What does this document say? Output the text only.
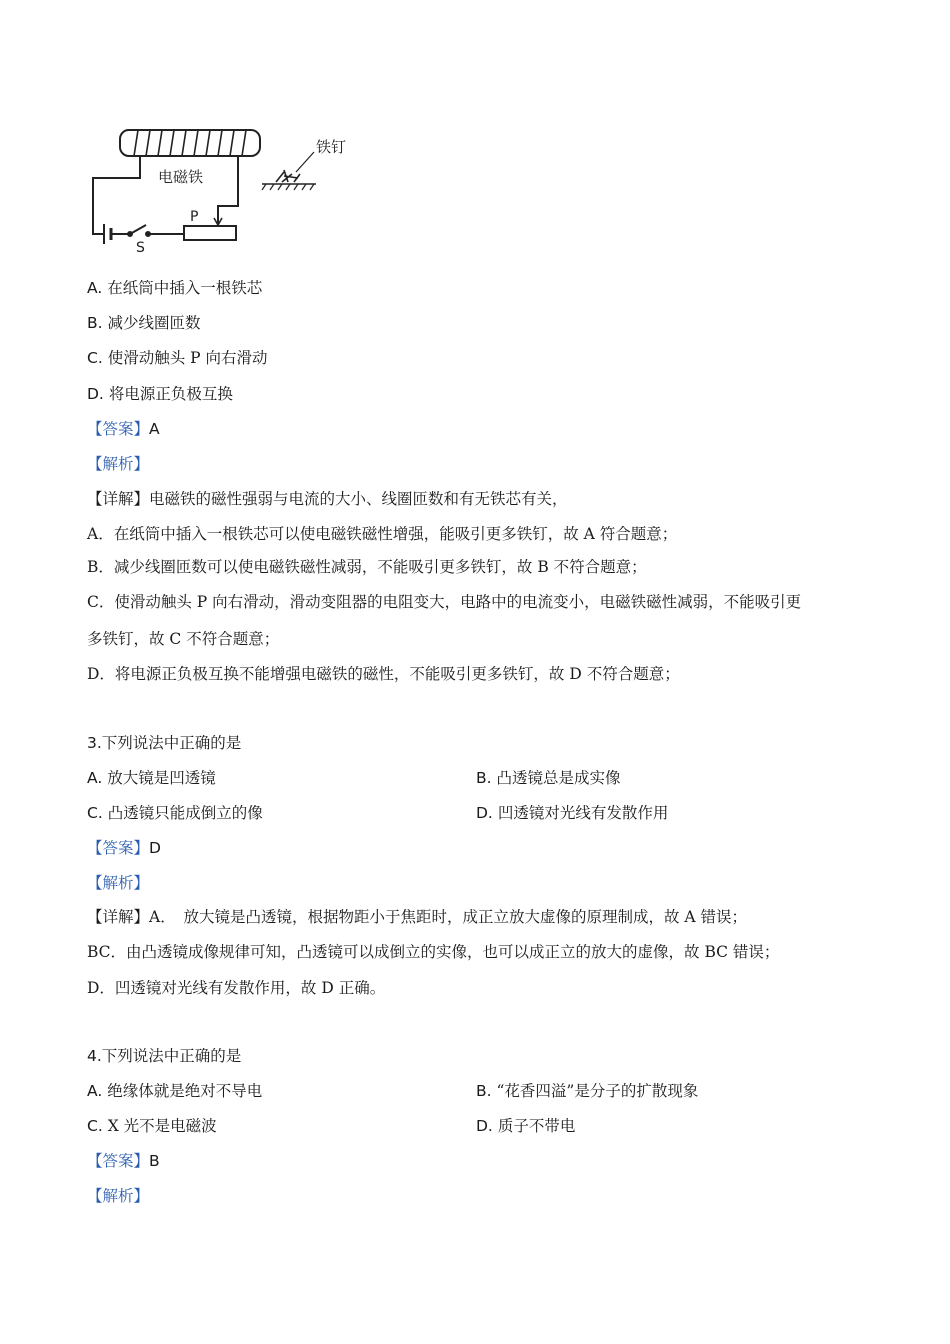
电磁铁
铁钉
P
S
A. 在纸筒中插入一根铁芯
B. 减少线圈匝数
C. 使滑动触头 P 向右滑动
D. 将电源正负极互换
【答案】A
【解析】
【详解】电磁铁的磁性强弱与电流的大小、线圈匝数和有无铁芯有关，
A．在纸筒中插入一根铁芯可以使电磁铁磁性增强，能吸引更多铁钉，故 A 符合题意；
B．减少线圈匝数可以使电磁铁磁性减弱，不能吸引更多铁钉，故 B 不符合题意；
C．使滑动触头 P 向右滑动，滑动变阻器的电阻变大，电路中的电流变小，电磁铁磁性减弱，不能吸引更
多铁钉，故 C 不符合题意；
D．将电源正负极互换不能增强电磁铁的磁性，不能吸引更多铁钉，故 D 不符合题意；
3.下列说法中正确的是
A. 放大镜是凹透镜	B. 凸透镜总是成实像
C. 凸透镜只能成倒立的像	D. 凹透镜对光线有发散作用
【答案】D
【解析】
【详解】A．　放大镜是凸透镜，根据物距小于焦距时，成正立放大虚像的原理制成，故 A 错误；
BC．由凸透镜成像规律可知，凸透镜可以成倒立的实像，也可以成正立的放大的虚像，故 BC 错误；
D．凹透镜对光线有发散作用，故 D 正确。
4.下列说法中正确的是
A. 绝缘体就是绝对不导电	B. “花香四溢”是分子的扩散现象
C. X 光不是电磁波	D. 质子不带电
【答案】B
【解析】
